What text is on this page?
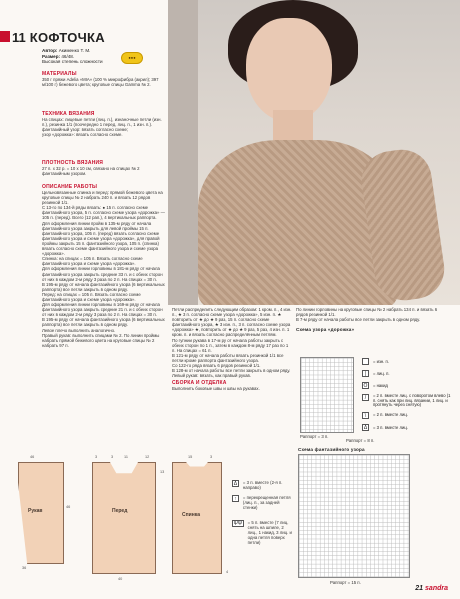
11 КОФТОЧКА
Автор: Акименко Т. М.
Размер: 46/48.
Высокая степень сложности
●●●
МАТЕРИАЛЫ
350 г пряжи Adelia «MIA» (100 % микрофибра (акрил); 397 м/100 г) бежевого цвета; круговые спицы Gamma № 2.
ТЕХНИКА ВЯЗАНИЯ
На спицах: лицевые петли (лиц. п.), изнаночные петли (изн. п.), резинка 1/1 (поочередно 1 перед. лиц. п., 1 изн. п.).
фантазийный узор: вязать согласно схеме;
узор «дорожка»: вязать согласно схеме.
ПЛОТНОСТЬ ВЯЗАНИЯ
27 п. x 32 р. = 10 x 10 см, связано на спицах № 2 фантазийным узором.
ОПИСАНИЕ РАБОТЫ
Цельновязанные спинка и перед: прямой бежевого цвета на круговые спицы № 2 набрать 240 п. и вязать 12 рядов резинкой 1/1.
С 13-го по 134-й ряды вязать: ● 15 п. согласно схеме фантазийного узора, 5 п. согласно схеме узора «дорожка» — 105 п. (перед). Всего (12 рап.), 4 вертикальных раппорта.
Для оформления линии пройм в 135-м ряду от начала фантазийного узора закрыть для левой проймы 15 п. фантазийного узора, 105 п. (перед) вязать согласно схеме фантазийного узора и схеме узора «дорожка», для правой проймы закрыть 15 п. фантазийного узора, 105 п. (спинка) вязать согласно схеме фантазийного узора и схеме узора «дорожка».
Спинка: на спицах = 105 п. Вязать согласно схеме фантазийного узора и схеме узора «дорожка».
Для оформления линии горловины в 181-м ряду от начала фантазийного узора закрыть средние 33 п. и с обеих сторон от них в каждом 2-м ряду 3 раза по 2 п. На спицах = 30 п.
В 195-м ряду от начала фантазийного узора (6 вертикальных раппорта) все петли закрыть в одном ряду.
Перед: на спицах = 105 п. Вязать согласно схеме фантазийного узора и схеме узора «дорожка».
Для оформления линии горловины в 169-м ряду от начала фантазийного узора закрыть средние 21 п. и с обеих сторон от них в каждом 2-м ряду 3 раза по 2 п. На спицах = 30 п.
В 195-м ряду от начала фантазийного узора (6 вертикальных раппорта) все петли закрыть в одном ряду.
Левое плечо выполнить аналогично.
Правый рукав: выполнить спицами № 2. По линии проймы набрать прямой бежевого цвета на круговые спицы № 2 набрать 97 п.
Петли распределить следующим образом: 1 кром. п., 4 изн. п., ★ 3 п. согласно схеме узора «дорожка», 5 изн. п. ★ повторить от ★ до ★ 9 раз, 15 п. согласно схеме фантазийного узора, ★ 3 изн. п., 3 п. согласно схеме узора «дорожка» ★, повторить от ★ до ★ 9 раз, 5 раз, 4 изн. п. 1 кром. п. и вязать согласно распределённым петлям.
По гупнии рукава в 17-м ру от начала работы закрыть с обеих сторон по 1 п., затем в каждом 8-м ряду 17 раз по 1 п. На спицах = 61 п.
В 121-м ряду от начала работы вязать резинкой 1/1 все петли кроме раппорта фантазийного узора.
Со 122-го ряда вязать 6 рядов резинкой 1/1.
В 128-м от начала работы все петли закрыть в одном ряду.
Левый рукав: вязать, как правый рукав.
СБОРКА И ОТДЕЛКА
Выполнить боковые швы и швы на рукавах.
Δ	= 3 п. вместе (2-я п. направо)
↑	= перекрещенная петля (лиц. п., за задней стенки)
ΨΨ	= 5 п. вместе (7 лиц. снять на шпиле, 2 лиц., 1 накид, 3 лиц. и одна петля поверх петли)
По линии горловины на круговые спицы № 2 набрать 134 п. и вязать 6 рядов резинкой 1/1.
В 7-м ряду от начала работы все петли закрыть в одном ряду.
Схема узора «дорожка»
Раппорт = 3 п.
= изн. п.
|	= лиц. п.
O	= накид
/	= 2 п. вместе лиц. с поворотом влево (1 п. снять как при лиц. вязании, 1 лиц. и протянуть через снятую)
\	= 2 п. вместе лиц.
Δ	= 3 п. вместе лиц.
Раппорт = 8 п.
Схема фантазийного узора
Раппорт = 15 п.
Рукав	Перед
Спинка
46	3	3	11	12
46
13
15	3
36
40
4
21 sandra
